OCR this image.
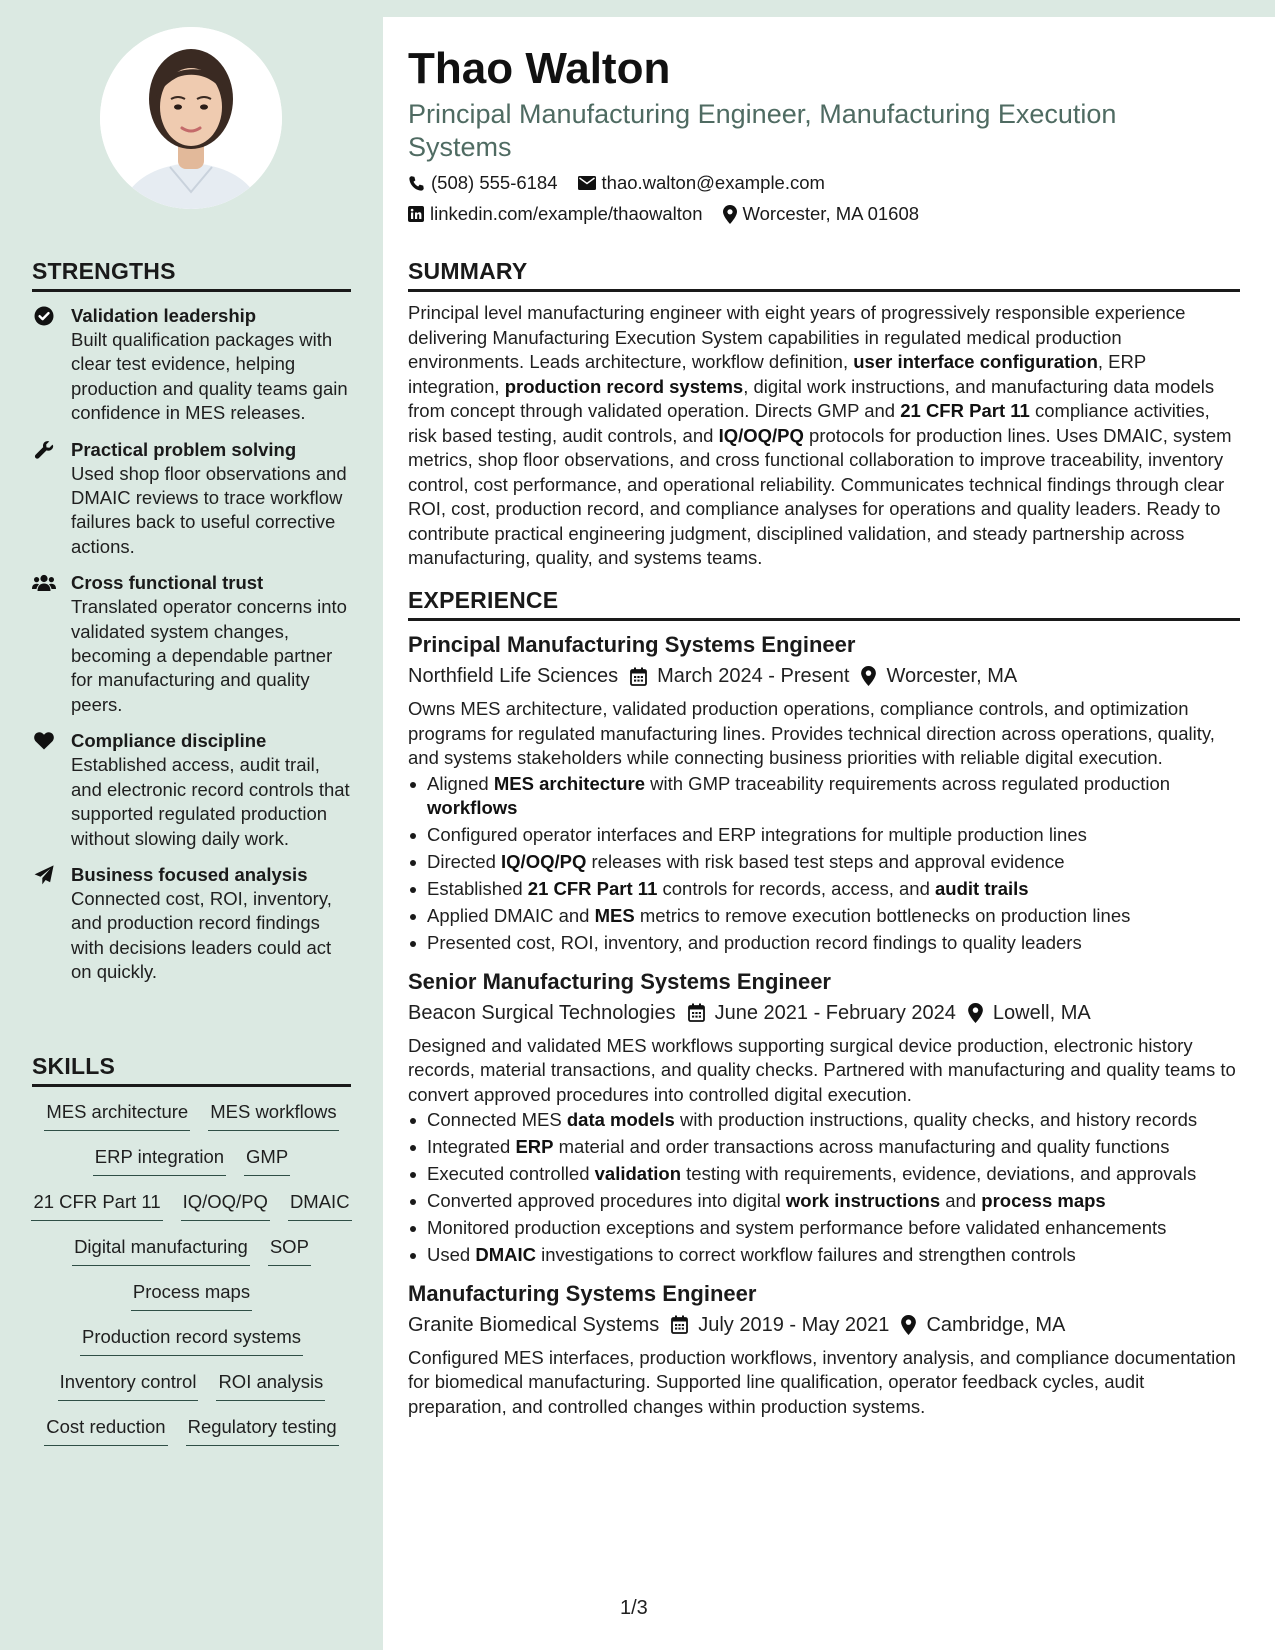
Thao Walton
Principal Manufacturing Engineer, Manufacturing Execution Systems
(508) 555-6184 thao.walton@example.com
linkedin.com/example/thaowalton Worcester, MA 01608
STRENGTHS
Validation leadership
Built qualification packages with clear test evidence, helping production and quality teams gain confidence in MES releases.
Practical problem solving
Used shop floor observations and DMAIC reviews to trace workflow failures back to useful corrective actions.
Cross functional trust
Translated operator concerns into validated system changes, becoming a dependable partner for manufacturing and quality peers.
Compliance discipline
Established access, audit trail, and electronic record controls that supported regulated production without slowing daily work.
Business focused analysis
Connected cost, ROI, inventory, and production record findings with decisions leaders could act on quickly.
SKILLS
MES architecture MES workflows
ERP integration GMP
21 CFR Part 11 IQ/OQ/PQ DMAIC
Digital manufacturing SOP
Process maps
Production record systems
Inventory control ROI analysis
Cost reduction Regulatory testing
SUMMARY
Principal level manufacturing engineer with eight years of progressively responsible experience delivering Manufacturing Execution System capabilities in regulated medical production environments. Leads architecture, workflow definition, user interface configuration, ERP integration, production record systems, digital work instructions, and manufacturing data models from concept through validated operation. Directs GMP and 21 CFR Part 11 compliance activities, risk based testing, audit controls, and IQ/OQ/PQ protocols for production lines. Uses DMAIC, system metrics, shop floor observations, and cross functional collaboration to improve traceability, inventory control, cost performance, and operational reliability. Communicates technical findings through clear ROI, cost, production record, and compliance analyses for operations and quality leaders. Ready to contribute practical engineering judgment, disciplined validation, and steady partnership across manufacturing, quality, and systems teams.
EXPERIENCE
Principal Manufacturing Systems Engineer
Northfield Life Sciences March 2024 - Present Worcester, MA
Owns MES architecture, validated production operations, compliance controls, and optimization programs for regulated manufacturing lines. Provides technical direction across operations, quality, and systems stakeholders while connecting business priorities with reliable digital execution.
Aligned MES architecture with GMP traceability requirements across regulated production workflows
Configured operator interfaces and ERP integrations for multiple production lines
Directed IQ/OQ/PQ releases with risk based test steps and approval evidence
Established 21 CFR Part 11 controls for records, access, and audit trails
Applied DMAIC and MES metrics to remove execution bottlenecks on production lines
Presented cost, ROI, inventory, and production record findings to quality leaders
Senior Manufacturing Systems Engineer
Beacon Surgical Technologies June 2021 - February 2024 Lowell, MA
Designed and validated MES workflows supporting surgical device production, electronic history records, material transactions, and quality checks. Partnered with manufacturing and quality teams to convert approved procedures into controlled digital execution.
Connected MES data models with production instructions, quality checks, and history records
Integrated ERP material and order transactions across manufacturing and quality functions
Executed controlled validation testing with requirements, evidence, deviations, and approvals
Converted approved procedures into digital work instructions and process maps
Monitored production exceptions and system performance before validated enhancements
Used DMAIC investigations to correct workflow failures and strengthen controls
Manufacturing Systems Engineer
Granite Biomedical Systems July 2019 - May 2021 Cambridge, MA
Configured MES interfaces, production workflows, inventory analysis, and compliance documentation for biomedical manufacturing. Supported line qualification, operator feedback cycles, audit preparation, and controlled changes within production systems.
1/3
